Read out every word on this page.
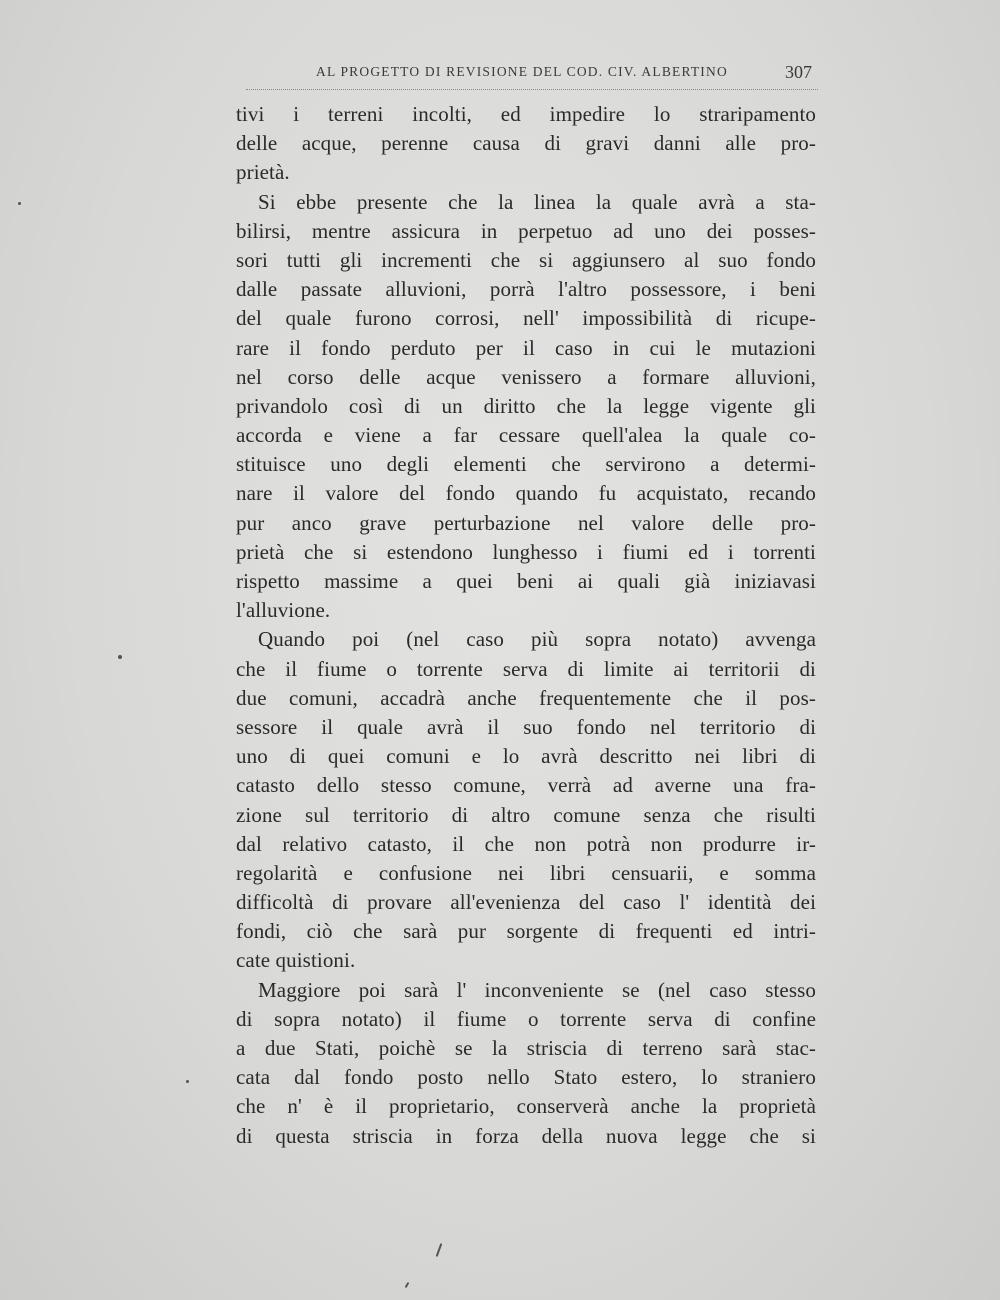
AL PROGETTO DI REVISIONE DEL COD. CIV. ALBERTINO	307
tivi i terreni incolti, ed impedire lo straripamento
delle acque, perenne causa di gravi danni alle pro-
prietà.
Si ebbe presente che la linea la quale avrà a sta-
bilirsi, mentre assicura in perpetuo ad uno dei posses-
sori tutti gli incrementi che si aggiunsero al suo fondo
dalle passate alluvioni, porrà l'altro possessore, i beni
del quale furono corrosi, nell' impossibilità di ricupe-
rare il fondo perduto per il caso in cui le mutazioni
nel corso delle acque venissero a formare alluvioni,
privandolo così di un diritto che la legge vigente gli
accorda e viene a far cessare quell'alea la quale co-
stituisce uno degli elementi che servirono a determi-
nare il valore del fondo quando fu acquistato, recando
pur anco grave perturbazione nel valore delle pro-
prietà che si estendono lunghesso i fiumi ed i torrenti
rispetto massime a quei beni ai quali già iniziavasi
l'alluvione.
Quando poi (nel caso più sopra notato) avvenga
che il fiume o torrente serva di limite ai territorii di
due comuni, accadrà anche frequentemente che il pos-
sessore il quale avrà il suo fondo nel territorio di
uno di quei comuni e lo avrà descritto nei libri di
catasto dello stesso comune, verrà ad averne una fra-
zione sul territorio di altro comune senza che risulti
dal relativo catasto, il che non potrà non produrre ir-
regolarità e confusione nei libri censuarii, e somma
difficoltà di provare all'evenienza del caso l' identità dei
fondi, ciò che sarà pur sorgente di frequenti ed intri-
cate quistioni.
Maggiore poi sarà l' inconveniente se (nel caso stesso
di sopra notato) il fiume o torrente serva di confine
a due Stati, poichè se la striscia di terreno sarà stac-
cata dal fondo posto nello Stato estero, lo straniero
che n' è il proprietario, conserverà anche la proprietà
di questa striscia in forza della nuova legge che si
